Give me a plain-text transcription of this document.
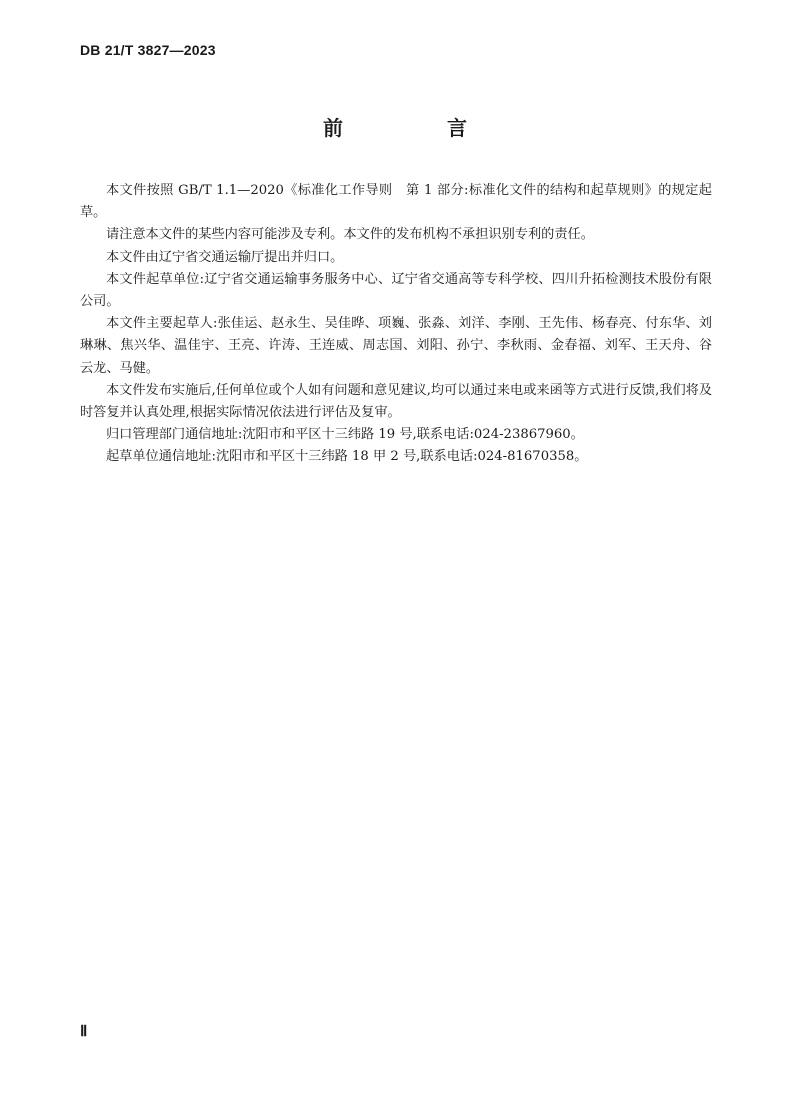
DB 21/T 3827—2023
前　言

本文件按照 GB/T 1.1—2020《标准化工作导则　第 1 部分:标准化文件的结构和起草规则》的规定起草。

请注意本文件的某些内容可能涉及专利。本文件的发布机构不承担识别专利的责任。

本文件由辽宁省交通运输厅提出并归口。

本文件起草单位:辽宁省交通运输事务服务中心、辽宁省交通高等专科学校、四川升拓检测技术股份有限公司。

本文件主要起草人:张佳运、赵永生、吴佳晔、项巍、张淼、刘洋、李刚、王先伟、杨春亮、付东华、刘琳琳、焦兴华、温佳宇、王亮、许涛、王连威、周志国、刘阳、孙宁、李秋雨、金春福、刘军、王天舟、谷云龙、马健。

本文件发布实施后,任何单位或个人如有问题和意见建议,均可以通过来电或来函等方式进行反馈,我们将及时答复并认真处理,根据实际情况依法进行评估及复审。

归口管理部门通信地址:沈阳市和平区十三纬路 19 号,联系电话:024-23867960。

起草单位通信地址:沈阳市和平区十三纬路 18 甲 2 号,联系电话:024-81670358。

Ⅱ
